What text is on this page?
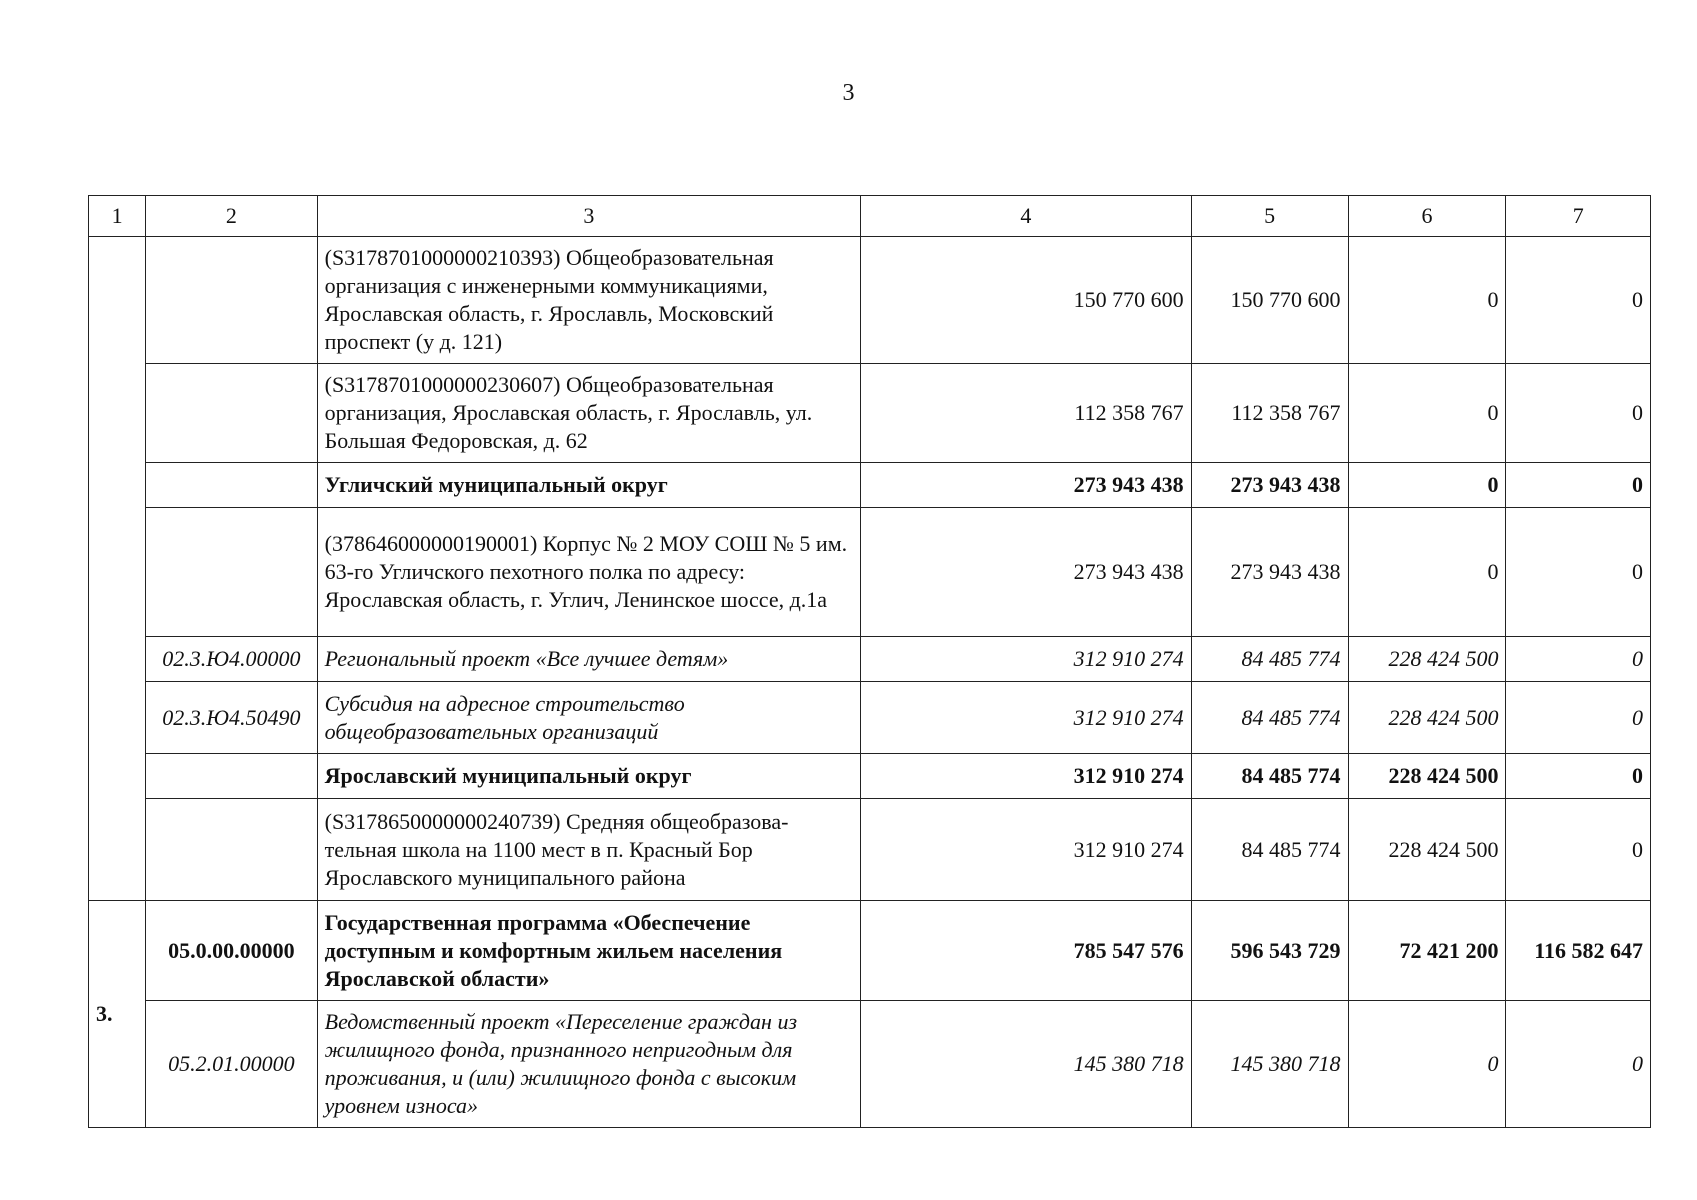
3
1	2	3	4	5	6	7
		(S3178701000000210393) Общеобразовательная организация с инженерными коммуникациями, Ярославская область, г. Ярославль, Московский проспект (у д. 121)	150 770 600	150 770 600	0	0
		(S3178701000000230607) Общеобразовательная организация, Ярославская область, г. Ярославль, ул. Большая Федоровская, д. 62	112 358 767	112 358 767	0	0
		Угличский муниципальный округ	273 943 438	273 943 438	0	0
		(378646000000190001) Корпус № 2 МОУ СОШ № 5 им. 63-го Угличского пехотного полка по адресу: Ярославская область, г. Углич, Ленинское шоссе, д.1а	273 943 438	273 943 438	0	0
	02.3.Ю4.00000	Региональный проект «Все лучшее детям»	312 910 274	84 485 774	228 424 500	0
	02.3.Ю4.50490	Субсидия на адресное строительство общеобразовательных организаций	312 910 274	84 485 774	228 424 500	0
		Ярославский муниципальный округ	312 910 274	84 485 774	228 424 500	0
		(S3178650000000240739) Средняя общеобразова-тельная школа на 1100 мест в п. Красный Бор Ярославского муниципального района	312 910 274	84 485 774	228 424 500	0
3.	05.0.00.00000	Государственная программа «Обеспечение доступным и комфортным жильем населения Ярославской области»	785 547 576	596 543 729	72 421 200	116 582 647
	05.2.01.00000	Ведомственный проект «Переселение граждан из жилищного фонда, признанного непригодным для проживания, и (или) жилищного фонда с высоким уровнем износа»	145 380 718	145 380 718	0	0
